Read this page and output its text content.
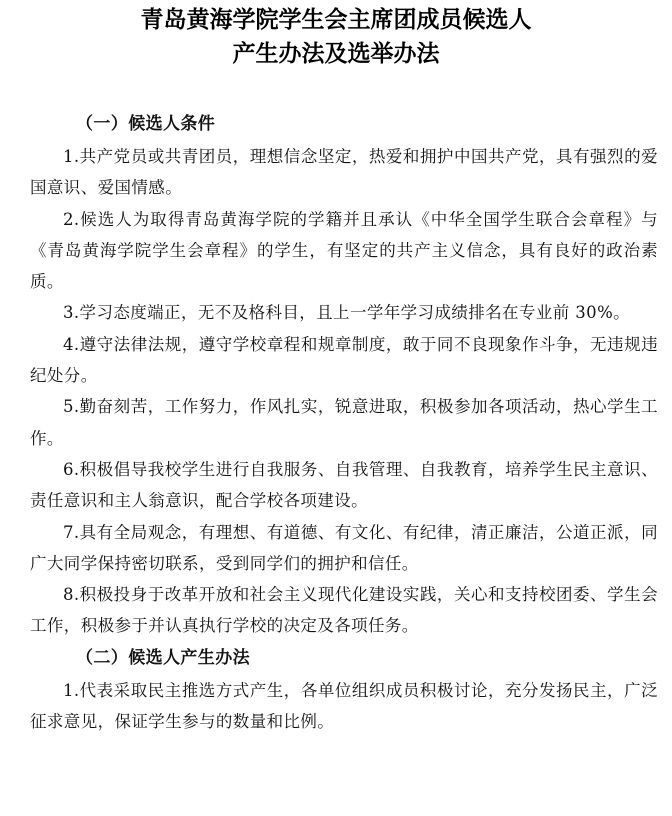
青岛黄海学院学生会主席团成员候选人
产生办法及选举办法
（一）候选人条件

1.共产党员或共青团员，理想信念坚定，热爱和拥护中国共产党，具有强烈的爱国意识、爱国情感。

2.候选人为取得青岛黄海学院的学籍并且承认《中华全国学生联合会章程》与《青岛黄海学院学生会章程》的学生，有坚定的共产主义信念，具有良好的政治素质。

3.学习态度端正，无不及格科目，且上一学年学习成绩排名在专业前 30%。

4.遵守法律法规，遵守学校章程和规章制度，敢于同不良现象作斗争，无违规违纪处分。

5.勤奋刻苦，工作努力，作风扎实，锐意进取，积极参加各项活动，热心学生工作。

6.积极倡导我校学生进行自我服务、自我管理、自我教育，培养学生民主意识、责任意识和主人翁意识，配合学校各项建设。

7.具有全局观念，有理想、有道德、有文化、有纪律，清正廉洁，公道正派，同广大同学保持密切联系，受到同学们的拥护和信任。

8.积极投身于改革开放和社会主义现代化建设实践，关心和支持校团委、学生会工作，积极参于并认真执行学校的决定及各项任务。

（二）候选人产生办法

1.代表采取民主推选方式产生，各单位组织成员积极讨论，充分发扬民主，广泛征求意见，保证学生参与的数量和比例。
